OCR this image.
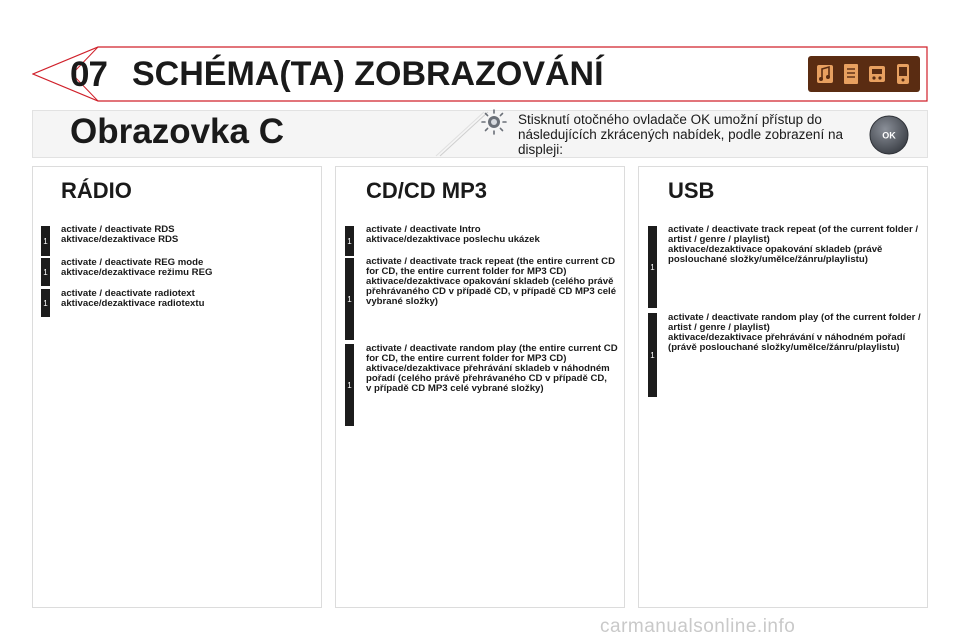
07 SCHÉMA(TA) ZOBRAZOVÁNÍ
Obrazovka C	Stisknutí otočného ovladače OK umožní přístup do následujících zkrácených nabídek, podle zobrazení na displeji:
OK
RÁDIO
1
activate / deactivate RDS
aktivace/dezaktivace RDS
1
activate / deactivate REG mode
aktivace/dezaktivace režimu REG
1
activate / deactivate radiotext
aktivace/dezaktivace radiotextu
CD/CD MP3
1
activate / deactivate Intro
aktivace/dezaktivace poslechu ukázek
1
activate / deactivate track repeat (the entire current CD
for CD, the entire current folder for MP3 CD)
aktivace/dezaktivace opakování skladeb (celého právě
přehrávaného CD v případě CD, v případě CD MP3 celé
vybrané složky)
1
activate / deactivate random play (the entire current CD
for CD, the entire current folder for MP3 CD)
aktivace/dezaktivace přehrávání skladeb v náhodném
pořadí (celého právě přehrávaného CD v případě CD,
v případě CD MP3 celé vybrané složky)
USB
1
activate / deactivate track repeat (of the current folder /
artist / genre / playlist)
aktivace/dezaktivace opakování skladeb (právě
poslouchané složky/umělce/žánru/playlistu)
1
activate / deactivate random play (of the current folder /
artist / genre / playlist)
aktivace/dezaktivace přehrávání v náhodném pořadí
(právě poslouchané složky/umělce/žánru/playlistu)
carmanualsonline.info
